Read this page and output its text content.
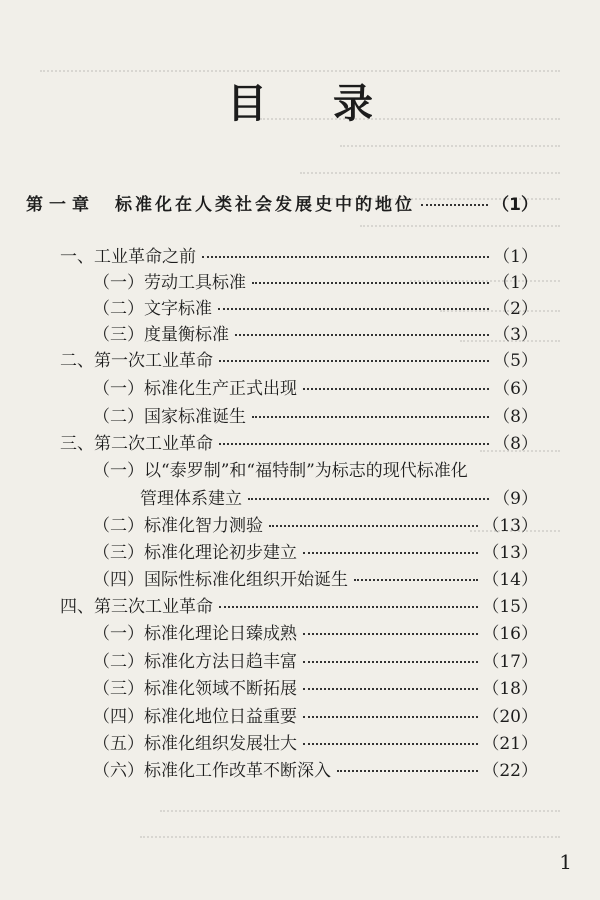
目 录
第一章 标准化在人类社会发展史中的地位	（1）
一、工业革命之前	（1）
（一）劳动工具标准	（1）
（二）文字标准	（2）
（三）度量衡标准	（3）
二、第一次工业革命	（5）
（一）标准化生产正式出现	（6）
（二）国家标准诞生	（8）
三、第二次工业革命	（8）
（一）以“泰罗制”和“福特制”为标志的现代标准化
管理体系建立	（9）
（二）标准化智力测验	（13）
（三）标准化理论初步建立	（13）
（四）国际性标准化组织开始诞生	（14）
四、第三次工业革命	（15）
（一）标准化理论日臻成熟	（16）
（二）标准化方法日趋丰富	（17）
（三）标准化领域不断拓展	（18）
（四）标准化地位日益重要	（20）
（五）标准化组织发展壮大	（21）
（六）标准化工作改革不断深入	（22）
1
